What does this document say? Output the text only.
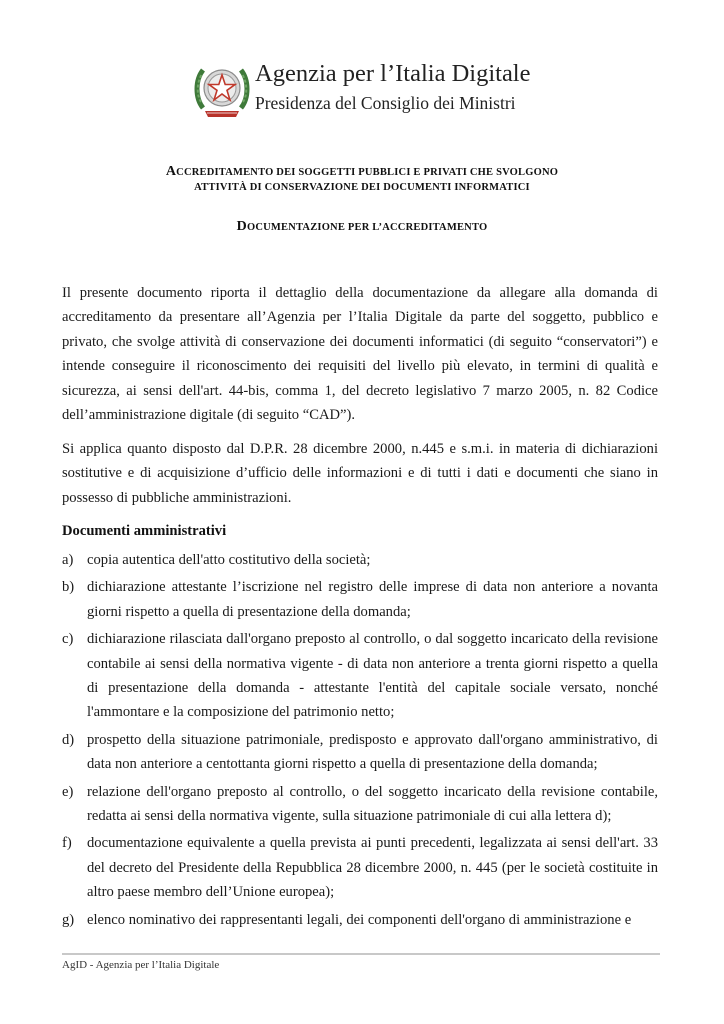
Agenzia per l’Italia Digitale
Presidenza del Consiglio dei Ministri
ACCREDITAMENTO DEI SOGGETTI PUBBLICI E PRIVATI CHE SVOLGONO
ATTIVITÀ DI CONSERVAZIONE DEI DOCUMENTI INFORMATICI
DOCUMENTAZIONE PER L’ACCREDITAMENTO
Il presente documento riporta il dettaglio della documentazione da allegare alla domanda di accreditamento da presentare all’Agenzia per l’Italia Digitale da parte del soggetto, pubblico e privato, che svolge attività di conservazione dei documenti informatici (di seguito “conservatori”) e intende conseguire il riconoscimento dei requisiti del livello più elevato, in termini di qualità e sicurezza, ai sensi dell'art. 44-bis, comma 1, del decreto legislativo 7 marzo 2005, n. 82 Codice dell’amministrazione digitale (di seguito “CAD”).
Si applica quanto disposto dal D.P.R. 28 dicembre 2000, n.445 e s.m.i. in materia di dichiarazioni sostitutive e di acquisizione d’ufficio delle informazioni e di tutti i dati e documenti che siano in possesso di pubbliche amministrazioni.
Documenti amministrativi
a) copia autentica dell'atto costitutivo della società;
b) dichiarazione attestante l’iscrizione nel registro delle imprese di data non anteriore a novanta giorni rispetto a quella di presentazione della domanda;
c) dichiarazione rilasciata dall'organo preposto al controllo, o dal soggetto incaricato della revisione contabile ai sensi della normativa vigente - di data non anteriore a trenta giorni rispetto a quella di presentazione della domanda - attestante l'entità del capitale sociale versato, nonché l'ammontare e la composizione del patrimonio netto;
d) prospetto della situazione patrimoniale, predisposto e approvato dall'organo amministrativo, di data non anteriore a centottanta giorni rispetto a quella di presentazione della domanda;
e) relazione dell'organo preposto al controllo, o del soggetto incaricato della revisione contabile, redatta ai sensi della normativa vigente, sulla situazione patrimoniale di cui alla lettera d);
f) documentazione equivalente a quella prevista ai punti precedenti, legalizzata ai sensi dell'art. 33 del decreto del Presidente della Repubblica 28 dicembre 2000, n. 445 (per le società costituite in altro paese membro dell’Unione europea);
g) elenco nominativo dei rappresentanti legali, dei componenti dell'organo di amministrazione e
AgID - Agenzia per l’Italia Digitale
